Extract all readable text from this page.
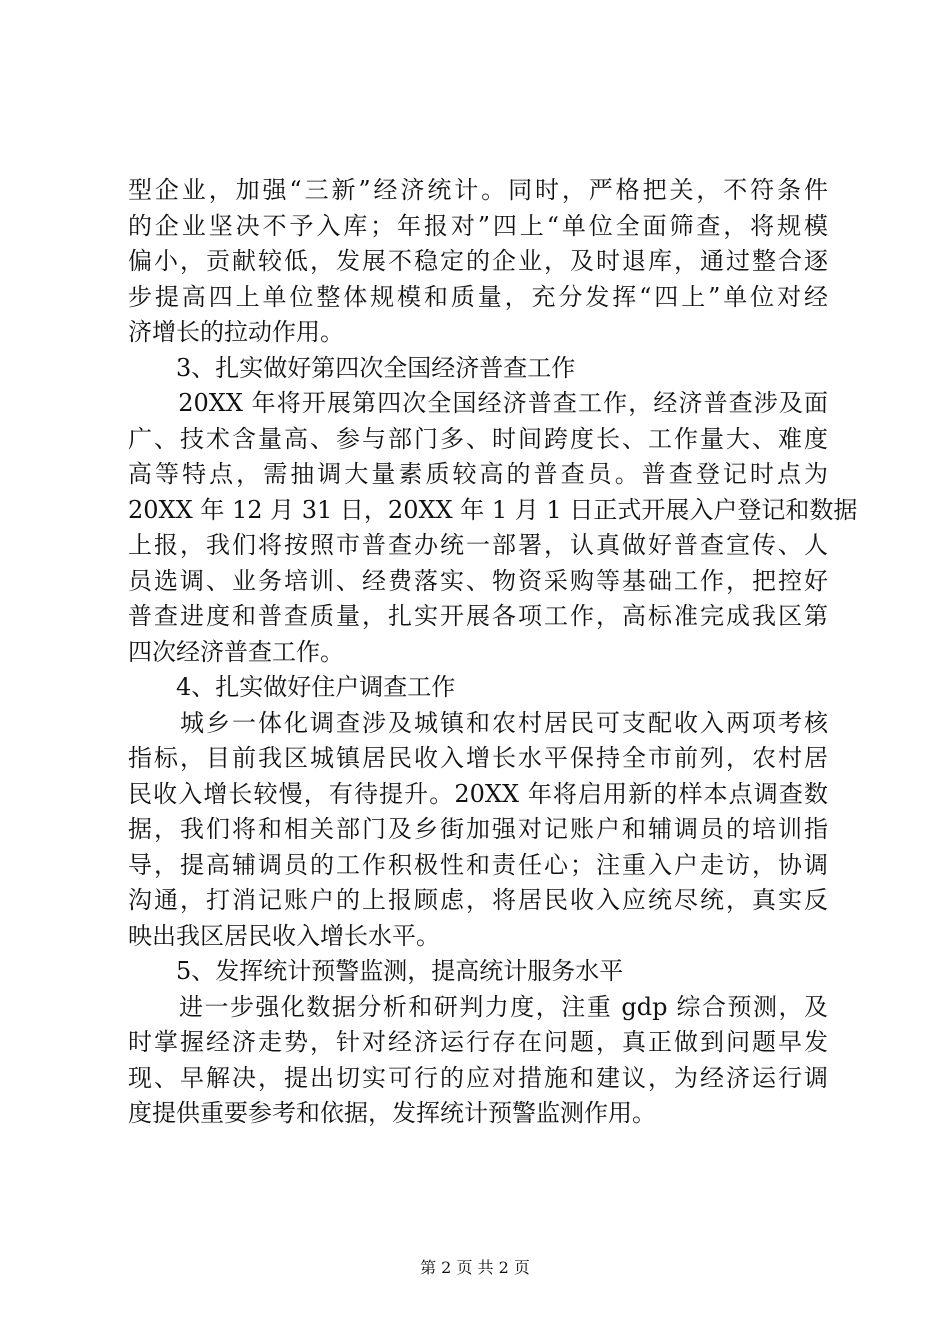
型企业，加强“三新”经济统计。同时，严格把关，不符条件
的企业坚决不予入库；年报对”四上“单位全面筛查，将规模
偏小，贡献较低，发展不稳定的企业，及时退库，通过整合逐
步提高四上单位整体规模和质量，充分发挥“四上”单位对经
济增长的拉动作用。
　　3、扎实做好第四次全国经济普查工作
　　20XX 年将开展第四次全国经济普查工作，经济普查涉及面
广、技术含量高、参与部门多、时间跨度长、工作量大、难度
高等特点，需抽调大量素质较高的普查员。普查登记时点为
20XX 年 12 月 31 日，20XX 年 1 月 1 日正式开展入户登记和数据
上报，我们将按照市普查办统一部署，认真做好普查宣传、人
员选调、业务培训、经费落实、物资采购等基础工作，把控好
普查进度和普查质量，扎实开展各项工作，高标准完成我区第
四次经济普查工作。
　　4、扎实做好住户调查工作
　　城乡一体化调查涉及城镇和农村居民可支配收入两项考核
指标，目前我区城镇居民收入增长水平保持全市前列，农村居
民收入增长较慢，有待提升。20XX 年将启用新的样本点调查数
据，我们将和相关部门及乡街加强对记账户和辅调员的培训指
导，提高辅调员的工作积极性和责任心；注重入户走访，协调
沟通，打消记账户的上报顾虑，将居民收入应统尽统，真实反
映出我区居民收入增长水平。
　　5、发挥统计预警监测，提高统计服务水平
　　进一步强化数据分析和研判力度，注重 gdp 综合预测，及
时掌握经济走势，针对经济运行存在问题，真正做到问题早发
现、早解决，提出切实可行的应对措施和建议，为经济运行调
度提供重要参考和依据，发挥统计预警监测作用。
第 2 页 共 2 页
